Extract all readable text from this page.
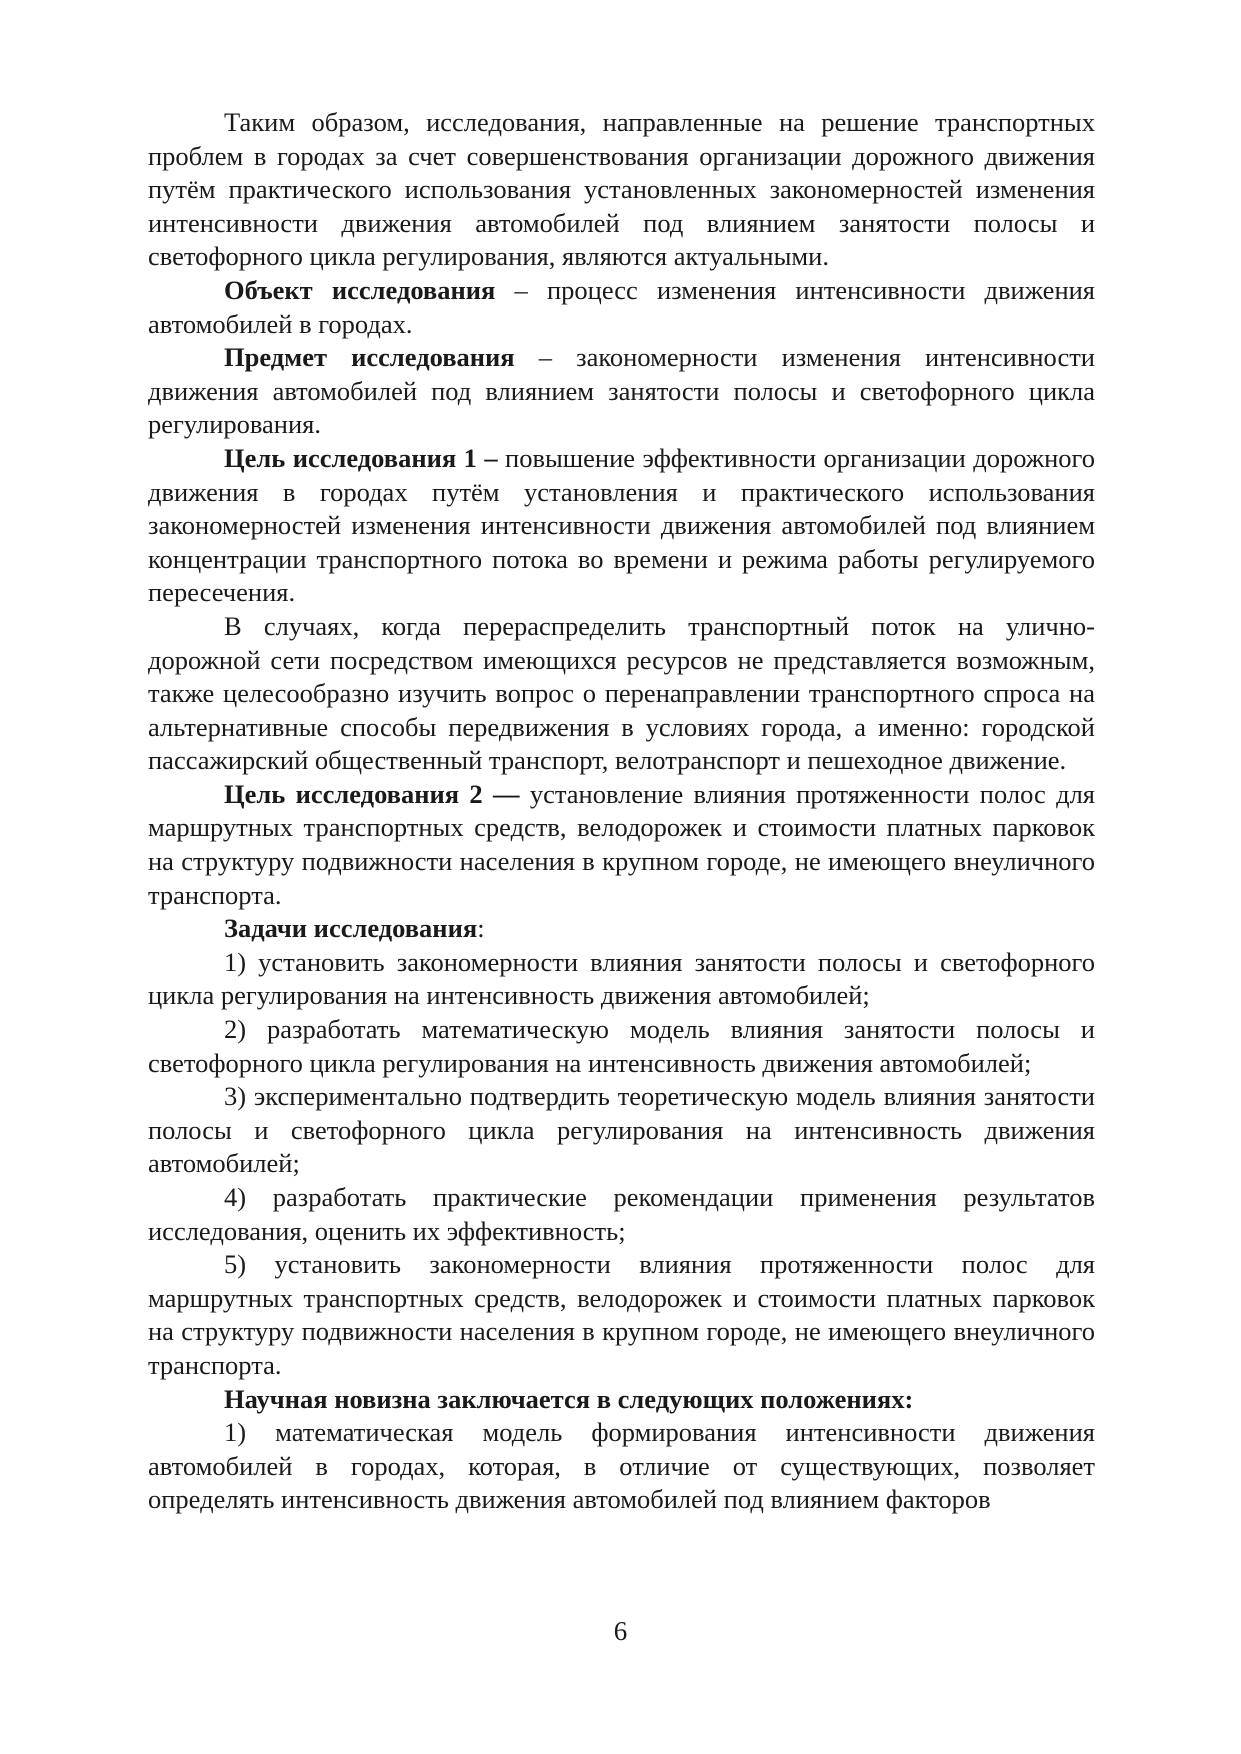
Таким образом, исследования, направленные на решение транспортных проблем в городах за счет совершенствования организации дорожного движения путём практического использования установленных закономерностей изменения интенсивности движения автомобилей под влиянием занятости полосы и светофорного цикла регулирования, являются актуальными.

Объект исследования – процесс изменения интенсивности движения автомобилей в городах.

Предмет исследования – закономерности изменения интенсивности движения автомобилей под влиянием занятости полосы и светофорного цикла регулирования.

Цель исследования 1 – повышение эффективности организации дорожного движения в городах путём установления и практического использования закономерностей изменения интенсивности движения автомобилей под влиянием концентрации транспортного потока во времени и режима работы регулируемого пересечения.

В случаях, когда перераспределить транспортный поток на улично-дорожной сети посредством имеющихся ресурсов не представляется возможным, также целесообразно изучить вопрос о перенаправлении транспортного спроса на альтернативные способы передвижения в условиях города, а именно: городской пассажирский общественный транспорт, велотранспорт и пешеходное движение.

Цель исследования 2 — установление влияния протяженности полос для маршрутных транспортных средств, велодорожек и стоимости платных парковок на структуру подвижности населения в крупном городе, не имеющего внеуличного транспорта.

Задачи исследования:

1) установить закономерности влияния занятости полосы и светофорного цикла регулирования на интенсивность движения автомобилей;

2) разработать математическую модель влияния занятости полосы и светофорного цикла регулирования на интенсивность движения автомобилей;

3) экспериментально подтвердить теоретическую модель влияния занятости полосы и светофорного цикла регулирования на интенсивность движения автомобилей;

4) разработать практические рекомендации применения результатов исследования, оценить их эффективность;

5) установить закономерности влияния протяженности полос для маршрутных транспортных средств, велодорожек и стоимости платных парковок на структуру подвижности населения в крупном городе, не имеющего внеуличного транспорта.

Научная новизна заключается в следующих положениях:

1) математическая модель формирования интенсивности движения автомобилей в городах, которая, в отличие от существующих, позволяет определять интенсивность движения автомобилей под влиянием факторов

6
